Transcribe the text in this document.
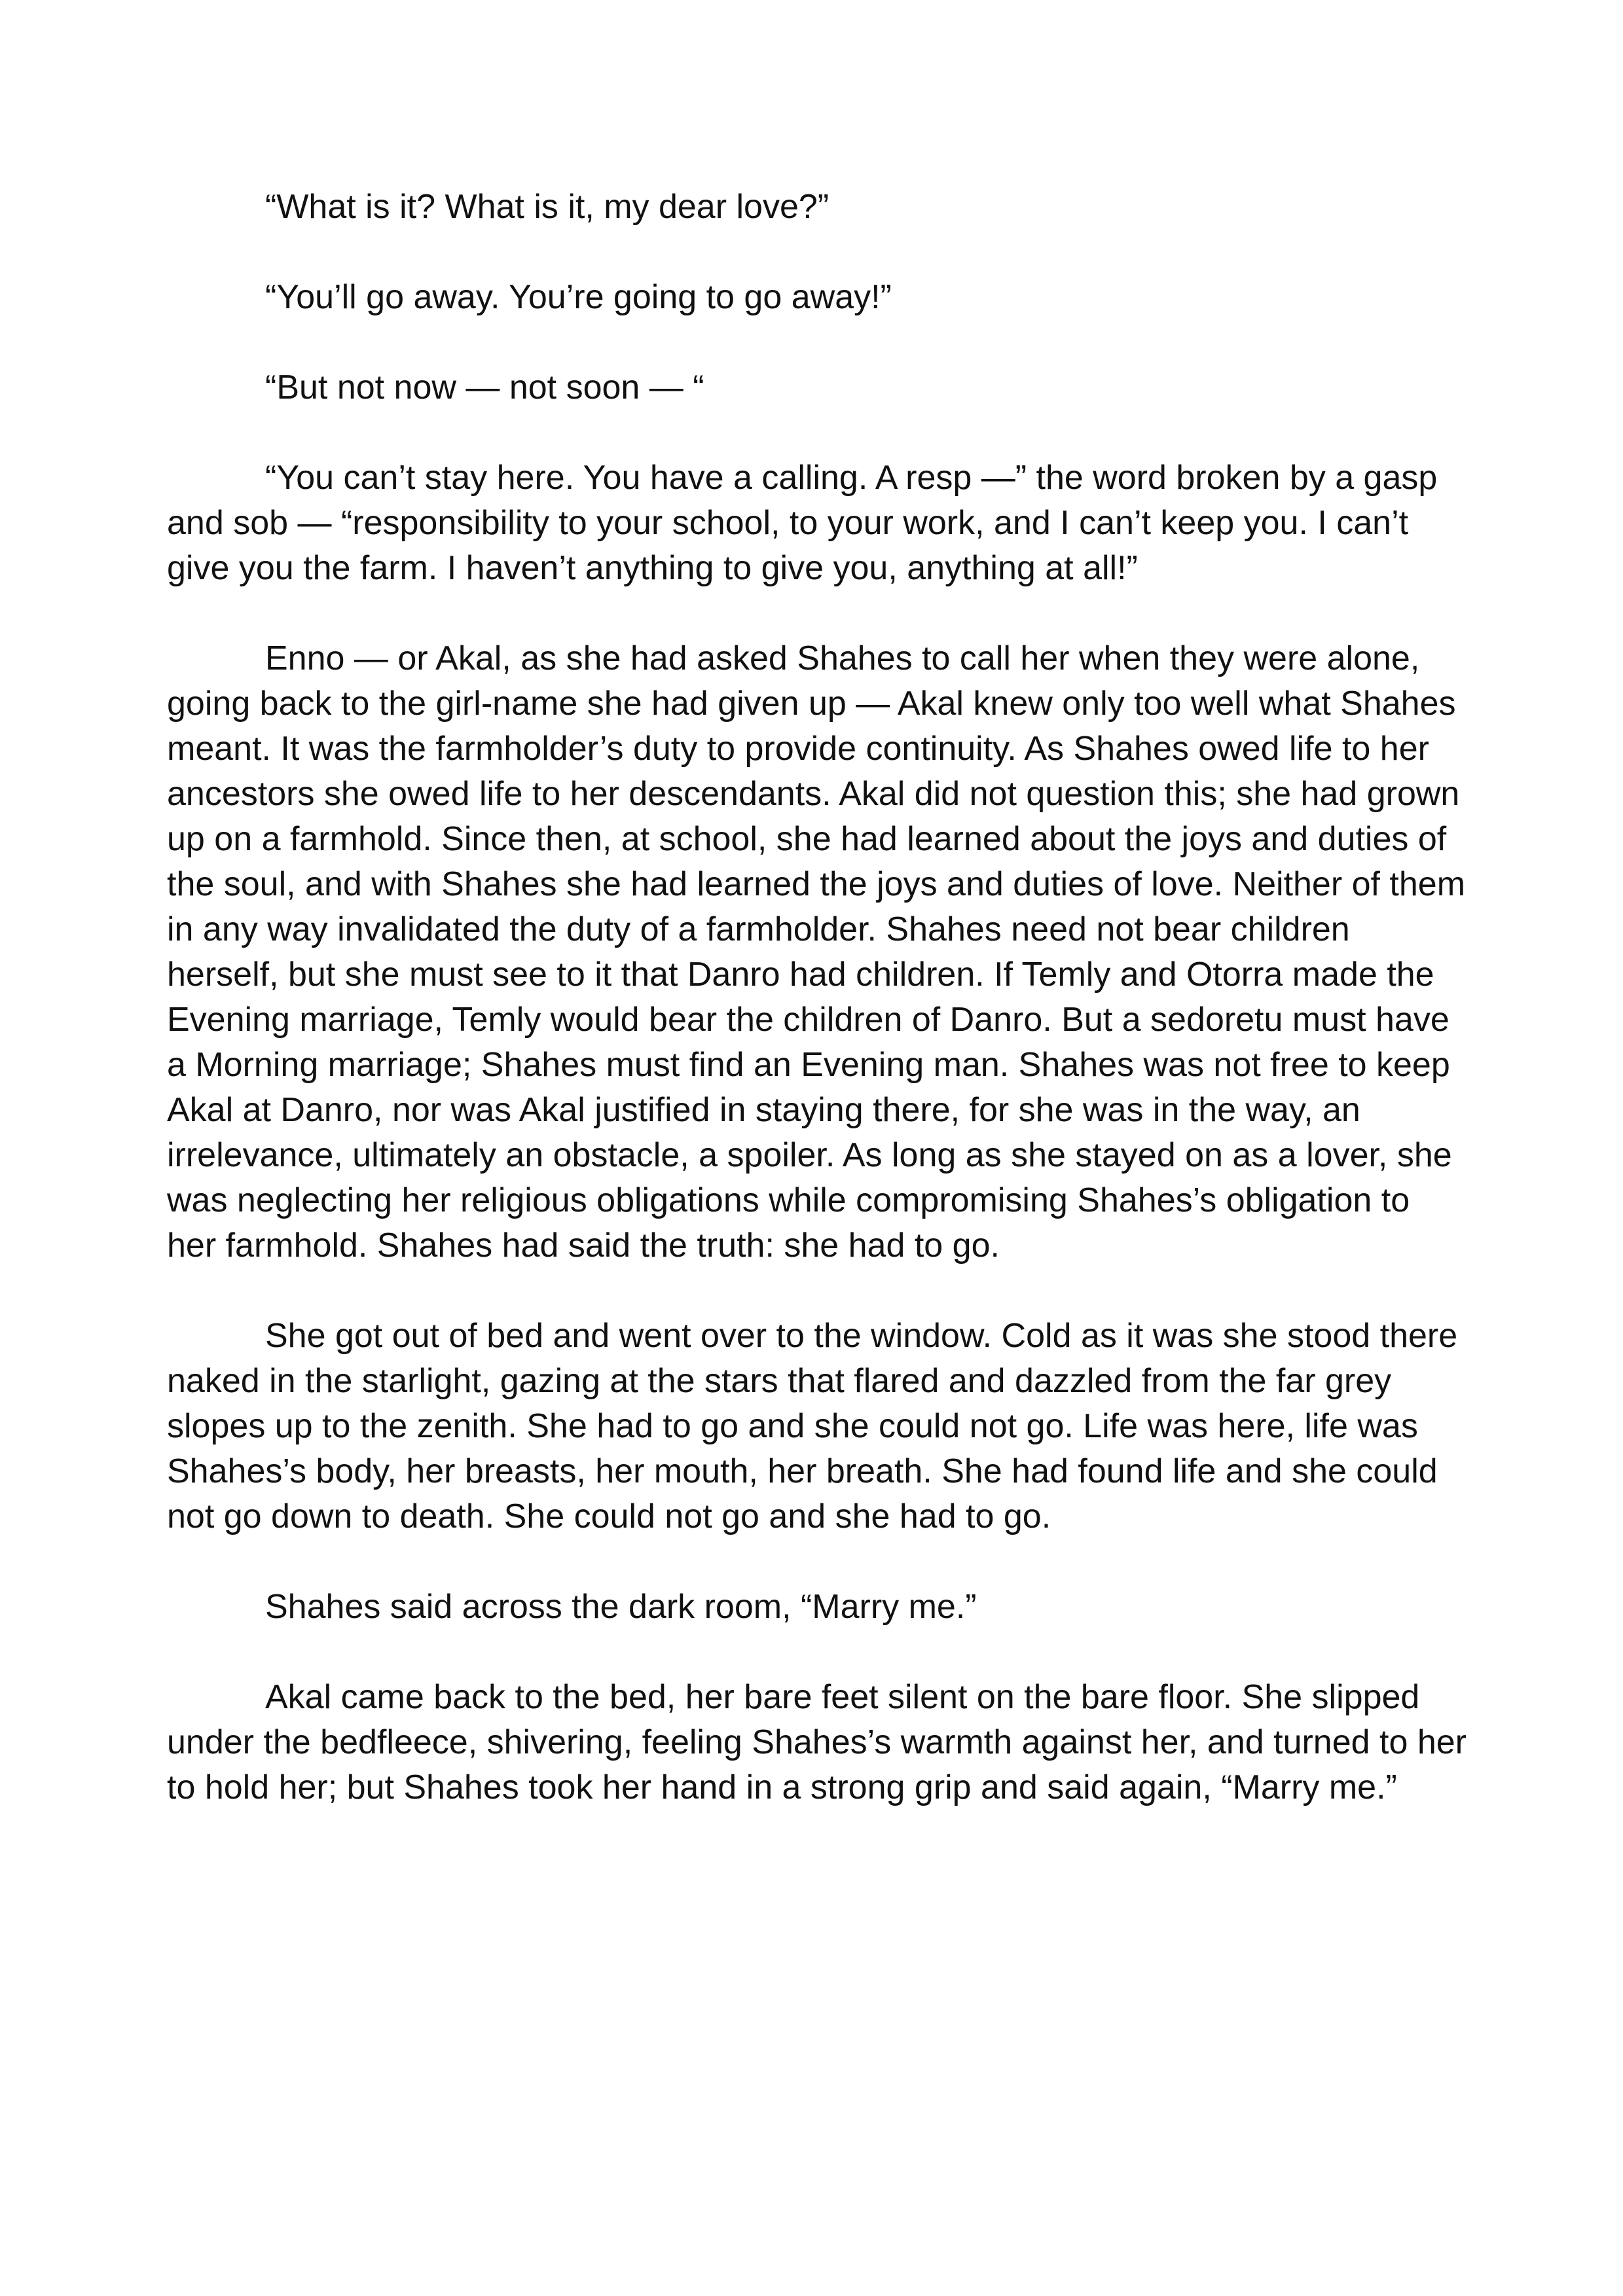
“What is it? What is it, my dear love?”

“You’ll go away. You’re going to go away!”

“But not now — not soon — “

“You can’t stay here. You have a calling. A resp —” the word broken by a gasp and sob — “responsibility to your school, to your work, and I can’t keep you. I can’t give you the farm. I haven’t anything to give you, anything at all!”

Enno — or Akal, as she had asked Shahes to call her when they were alone, going back to the girl-name she had given up — Akal knew only too well what Shahes meant. It was the farmholder’s duty to provide continuity. As Shahes owed life to her ancestors she owed life to her descendants. Akal did not question this; she had grown up on a farmhold. Since then, at school, she had learned about the joys and duties of the soul, and with Shahes she had learned the joys and duties of love. Neither of them in any way invalidated the duty of a farmholder. Shahes need not bear children herself, but she must see to it that Danro had children. If Temly and Otorra made the Evening marriage, Temly would bear the children of Danro. But a sedoretu must have a Morning marriage; Shahes must find an Evening man. Shahes was not free to keep Akal at Danro, nor was Akal justified in staying there, for she was in the way, an irrelevance, ultimately an obstacle, a spoiler. As long as she stayed on as a lover, she was neglecting her religious obligations while compromising Shahes’s obligation to her farmhold. Shahes had said the truth: she had to go.

She got out of bed and went over to the window. Cold as it was she stood there naked in the starlight, gazing at the stars that flared and dazzled from the far grey slopes up to the zenith. She had to go and she could not go. Life was here, life was Shahes’s body, her breasts, her mouth, her breath. She had found life and she could not go down to death. She could not go and she had to go.

Shahes said across the dark room, “Marry me.”

Akal came back to the bed, her bare feet silent on the bare floor. She slipped under the bedfleece, shivering, feeling Shahes’s warmth against her, and turned to her to hold her; but Shahes took her hand in a strong grip and said again, “Marry me.”
